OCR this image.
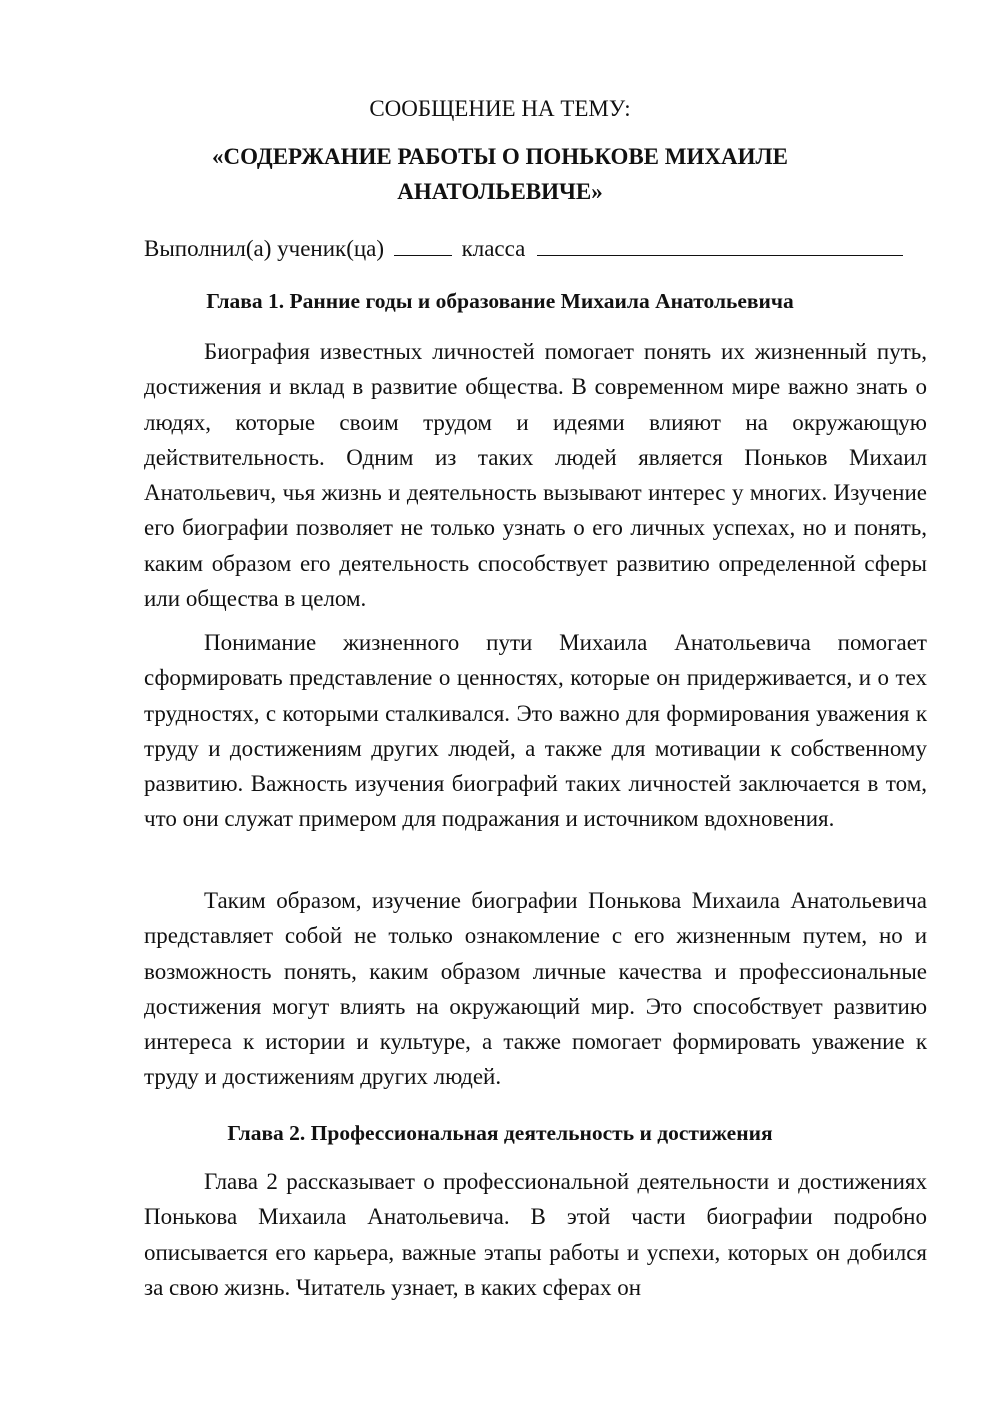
СООБЩЕНИЕ НА ТЕМУ:
«СОДЕРЖАНИЕ РАБОТЫ О ПОНЬКОВЕ МИХАИЛЕ
АНАТОЛЬЕВИЧЕ»
Выполнил(а) ученик(ца)	класса
Глава 1. Ранние годы и образование Михаила Анатольевича

Биография известных личностей помогает понять их жизненный путь, достижения и вклад в развитие общества. В современном мире важно знать о людях, которые своим трудом и идеями влияют на окружающую действительность. Одним из таких людей является Поньков Михаил Анатольевич, чья жизнь и деятельность вызывают интерес у многих. Изучение его биографии позволяет не только узнать о его личных успехах, но и понять, каким образом его деятельность способствует развитию определенной сферы или общества в целом.

Понимание жизненного пути Михаила Анатольевича помогает сформировать представление о ценностях, которые он придерживается, и о тех трудностях, с которыми сталкивался. Это важно для формирования уважения к труду и достижениям других людей, а также для мотивации к собственному развитию. Важность изучения биографий таких личностей заключается в том, что они служат примером для подражания и источником вдохновения.

Таким образом, изучение биографии Понькова Михаила Анатольевича представляет собой не только ознакомление с его жизненным путем, но и возможность понять, каким образом личные качества и профессиональные достижения могут влиять на окружающий мир. Это способствует развитию интереса к истории и культуре, а также помогает формировать уважение к труду и достижениям других людей.

Глава 2. Профессиональная деятельность и достижения

Глава 2 рассказывает о профессиональной деятельности и достижениях Понькова Михаила Анатольевича. В этой части биографии подробно описывается его карьера, важные этапы работы и успехи, которых он добился за свою жизнь. Читатель узнает, в каких сферах он
